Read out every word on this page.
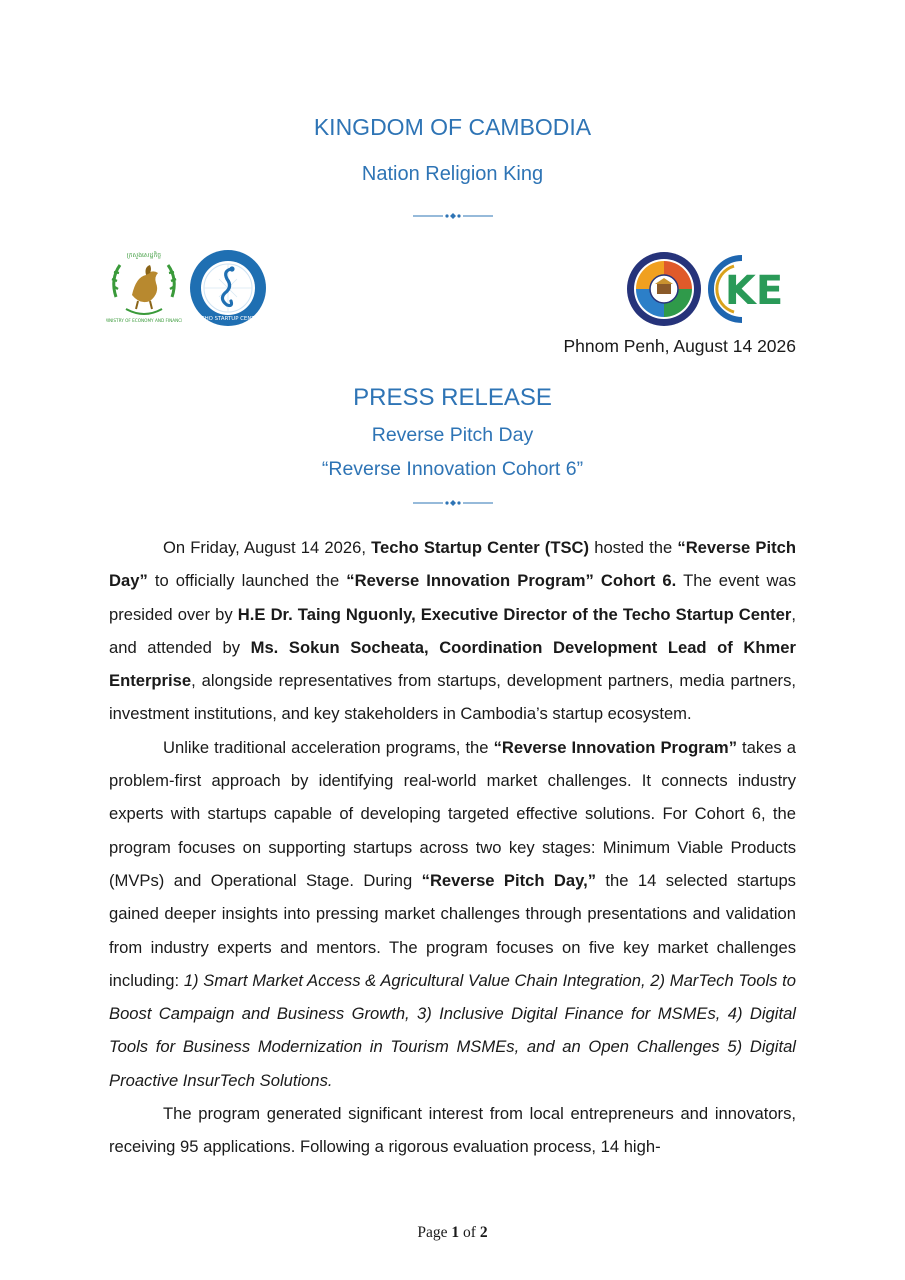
KINGDOM OF CAMBODIA
Nation Religion King
ក្រសួងសេដ្ឋកិច្ច
MINISTRY OF ECONOMY AND FINANCE TECHO STARTUP CENTER
KE
Phnom Penh, August 14 2026
PRESS RELEASE
Reverse Pitch Day
“Reverse Innovation Cohort 6”

On Friday, August 14 2026, Techo Startup Center (TSC) hosted the “Reverse Pitch Day” to officially launched the “Reverse Innovation Program” Cohort 6. The event was presided over by H.E Dr. Taing Nguonly, Executive Director of the Techo Startup Center, and attended by Ms. Sokun Socheata, Coordination Development Lead of Khmer Enterprise, alongside representatives from startups, development partners, media partners, investment institutions, and key stakeholders in Cambodia’s startup ecosystem.

Unlike traditional acceleration programs, the “Reverse Innovation Program” takes a problem-first approach by identifying real-world market challenges. It connects industry experts with startups capable of developing targeted effective solutions. For Cohort 6, the program focuses on supporting startups across two key stages: Minimum Viable Products (MVPs) and Operational Stage. During “Reverse Pitch Day,” the 14 selected startups gained deeper insights into pressing market challenges through presentations and validation from industry experts and mentors. The program focuses on five key market challenges including: 1) Smart Market Access & Agricultural Value Chain Integration, 2) MarTech Tools to Boost Campaign and Business Growth, 3) Inclusive Digital Finance for MSMEs, 4) Digital Tools for Business Modernization in Tourism MSMEs, and an Open Challenges 5) Digital Proactive InsurTech Solutions.

The program generated significant interest from local entrepreneurs and innovators, receiving 95 applications. Following a rigorous evaluation process, 14 high-

Page 1 of 2
